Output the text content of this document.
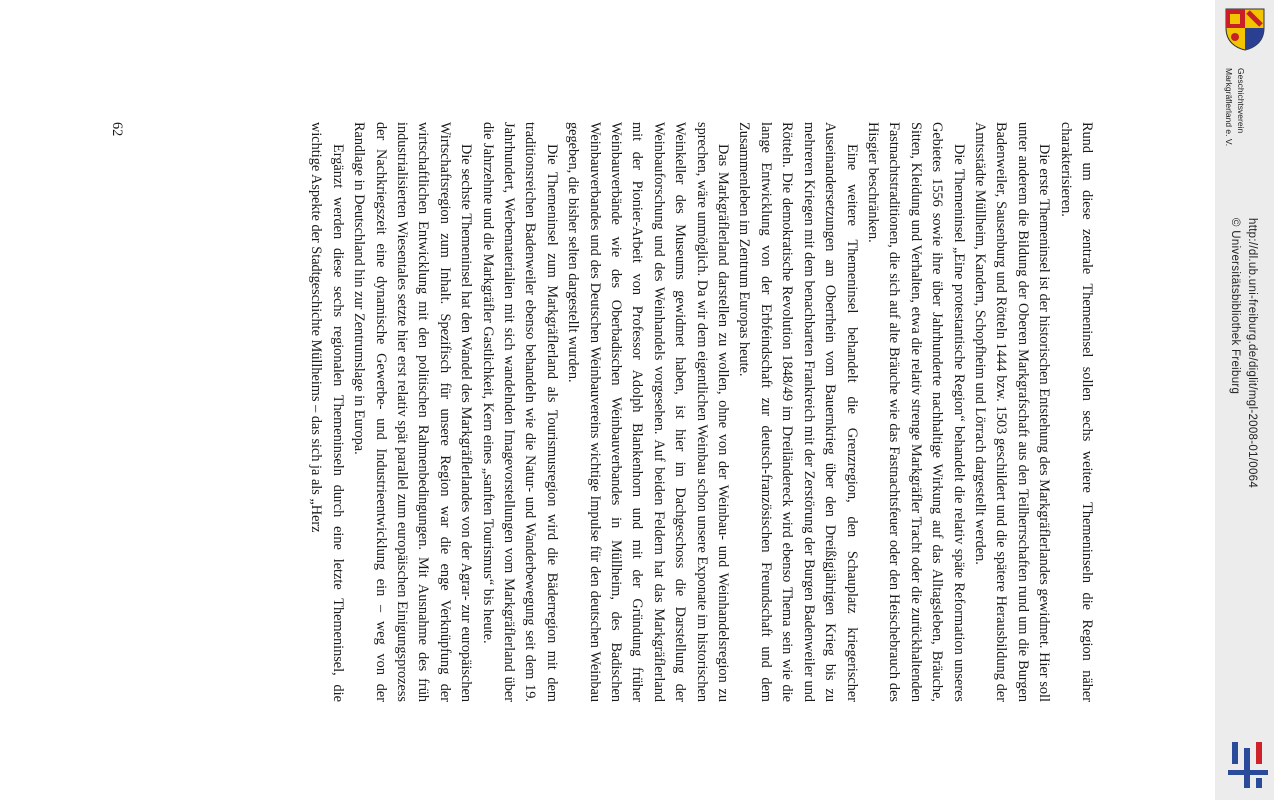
Rund um diese zentrale Themeninsel sollen sechs weitere Themeninseln die Region näher charakterisieren.

Die erste Themeninsel ist der historischen Entstehung des Markgräflerlandes gewidmet. Hier soll unter anderem die Bildung der Oberen Markgrafschaft aus den Teilherrschaften rund um die Burgen Badenweiler, Sausenburg und Rötteln 1444 bzw. 1503 geschildert und die spätere Herausbildung der Amtsstädte Müllheim, Kandern, Schopfheim und Lörrach dargestellt werden.

Die Themeninsel „Eine protestantische Region“ behandelt die relativ späte Reformation unseres Gebietes 1556 sowie ihre über Jahrhunderte nachhaltige Wirkung auf das Alltagsleben, Bräuche, Sitten, Kleidung und Verhalten, etwa die relativ strenge Markgräfler Tracht oder die zurückhaltenden Fastnachtstraditionen, die sich auf alte Bräuche wie das Fastnachtsfeuer oder den Heischebrauch des Hisgier beschränken.

Eine weitere Themeninsel behandelt die Grenzregion, den Schauplatz kriegerischer Auseinandersetzungen am Oberrhein vom Bauernkrieg über den Dreißigjährigen Krieg bis zu mehreren Kriegen mit dem benachbarten Frankreich mit der Zerstörung der Burgen Badenweiler und Rötteln. Die demokratische Revolution 1848/49 im Dreiländereck wird ebenso Thema sein wie die lange Entwicklung von der Erbfeindschaft zur deutsch-französischen Freundschaft und dem Zusammenleben im Zentrum Europas heute.

Das Markgräflerland darstellen zu wollen, ohne von der Weinbau- und Weinhandelsregion zu sprechen, wäre unmöglich. Da wir dem eigentlichen Weinbau schon unsere Exponate im historischen Weinkeller des Museums gewidmet haben, ist hier im Dachgeschoss die Darstellung der Weinbauforschung und des Weinhandels vorgesehen. Auf beiden Feldern hat das Markgräflerland mit der Pionier-Arbeit von Professor Adolph Blankenhorn und mit der Gründung früher Weinbauverbände wie des Oberbadischen Weinbauverbandes in Müllheim, des Badischen Weinbauverbandes und des Deutschen Weinbauvereins wichtige Impulse für den deutschen Weinbau gegeben, die bisher selten dargestellt wurden.

Die Themeninsel zum Markgräflerland als Tourismusregion wird die Bäderregion mit dem traditionsreichen Badenweiler ebenso behandeln wie die Natur- und Wanderbewegung seit dem 19. Jahrhundert, Werbematerialien mit sich wandelnden Imagevorstellungen vom Markgräflerland über die Jahrzehnte und die Markgräfler Gastlichkeit, Kern eines „sanften Tourismus“ bis heute.

Die sechste Themeninsel hat den Wandel des Markgräflerlandes von der Agrar- zur europäischen Wirtschaftsregion zum Inhalt. Spezifisch für unsere Region war die enge Verknüpfung der wirtschaftlichen Entwicklung mit den politischen Rahmenbedingungen. Mit Ausnahme des früh industrialisierten Wiesentales setzte hier erst relativ spät parallel zum europäischen Einigungsprozess der Nachkriegszeit eine dynamische Gewerbe- und Industrieentwicklung ein – weg von der Randlage in Deutschland hin zur Zentrumslage in Europa.

Ergänzt werden diese sechs regionalen Themeninseln durch eine letzte Themeninsel, die wichtige Aspekte der Stadtgeschichte Müllheims – das sich ja als „Herz

62
http://dl.ub.uni-freiburg.de/diglit/mgl-2008-01/0064
© Universitätsbibliothek Freiburg
Geschichtsverein
Markgräflerland e. V.
